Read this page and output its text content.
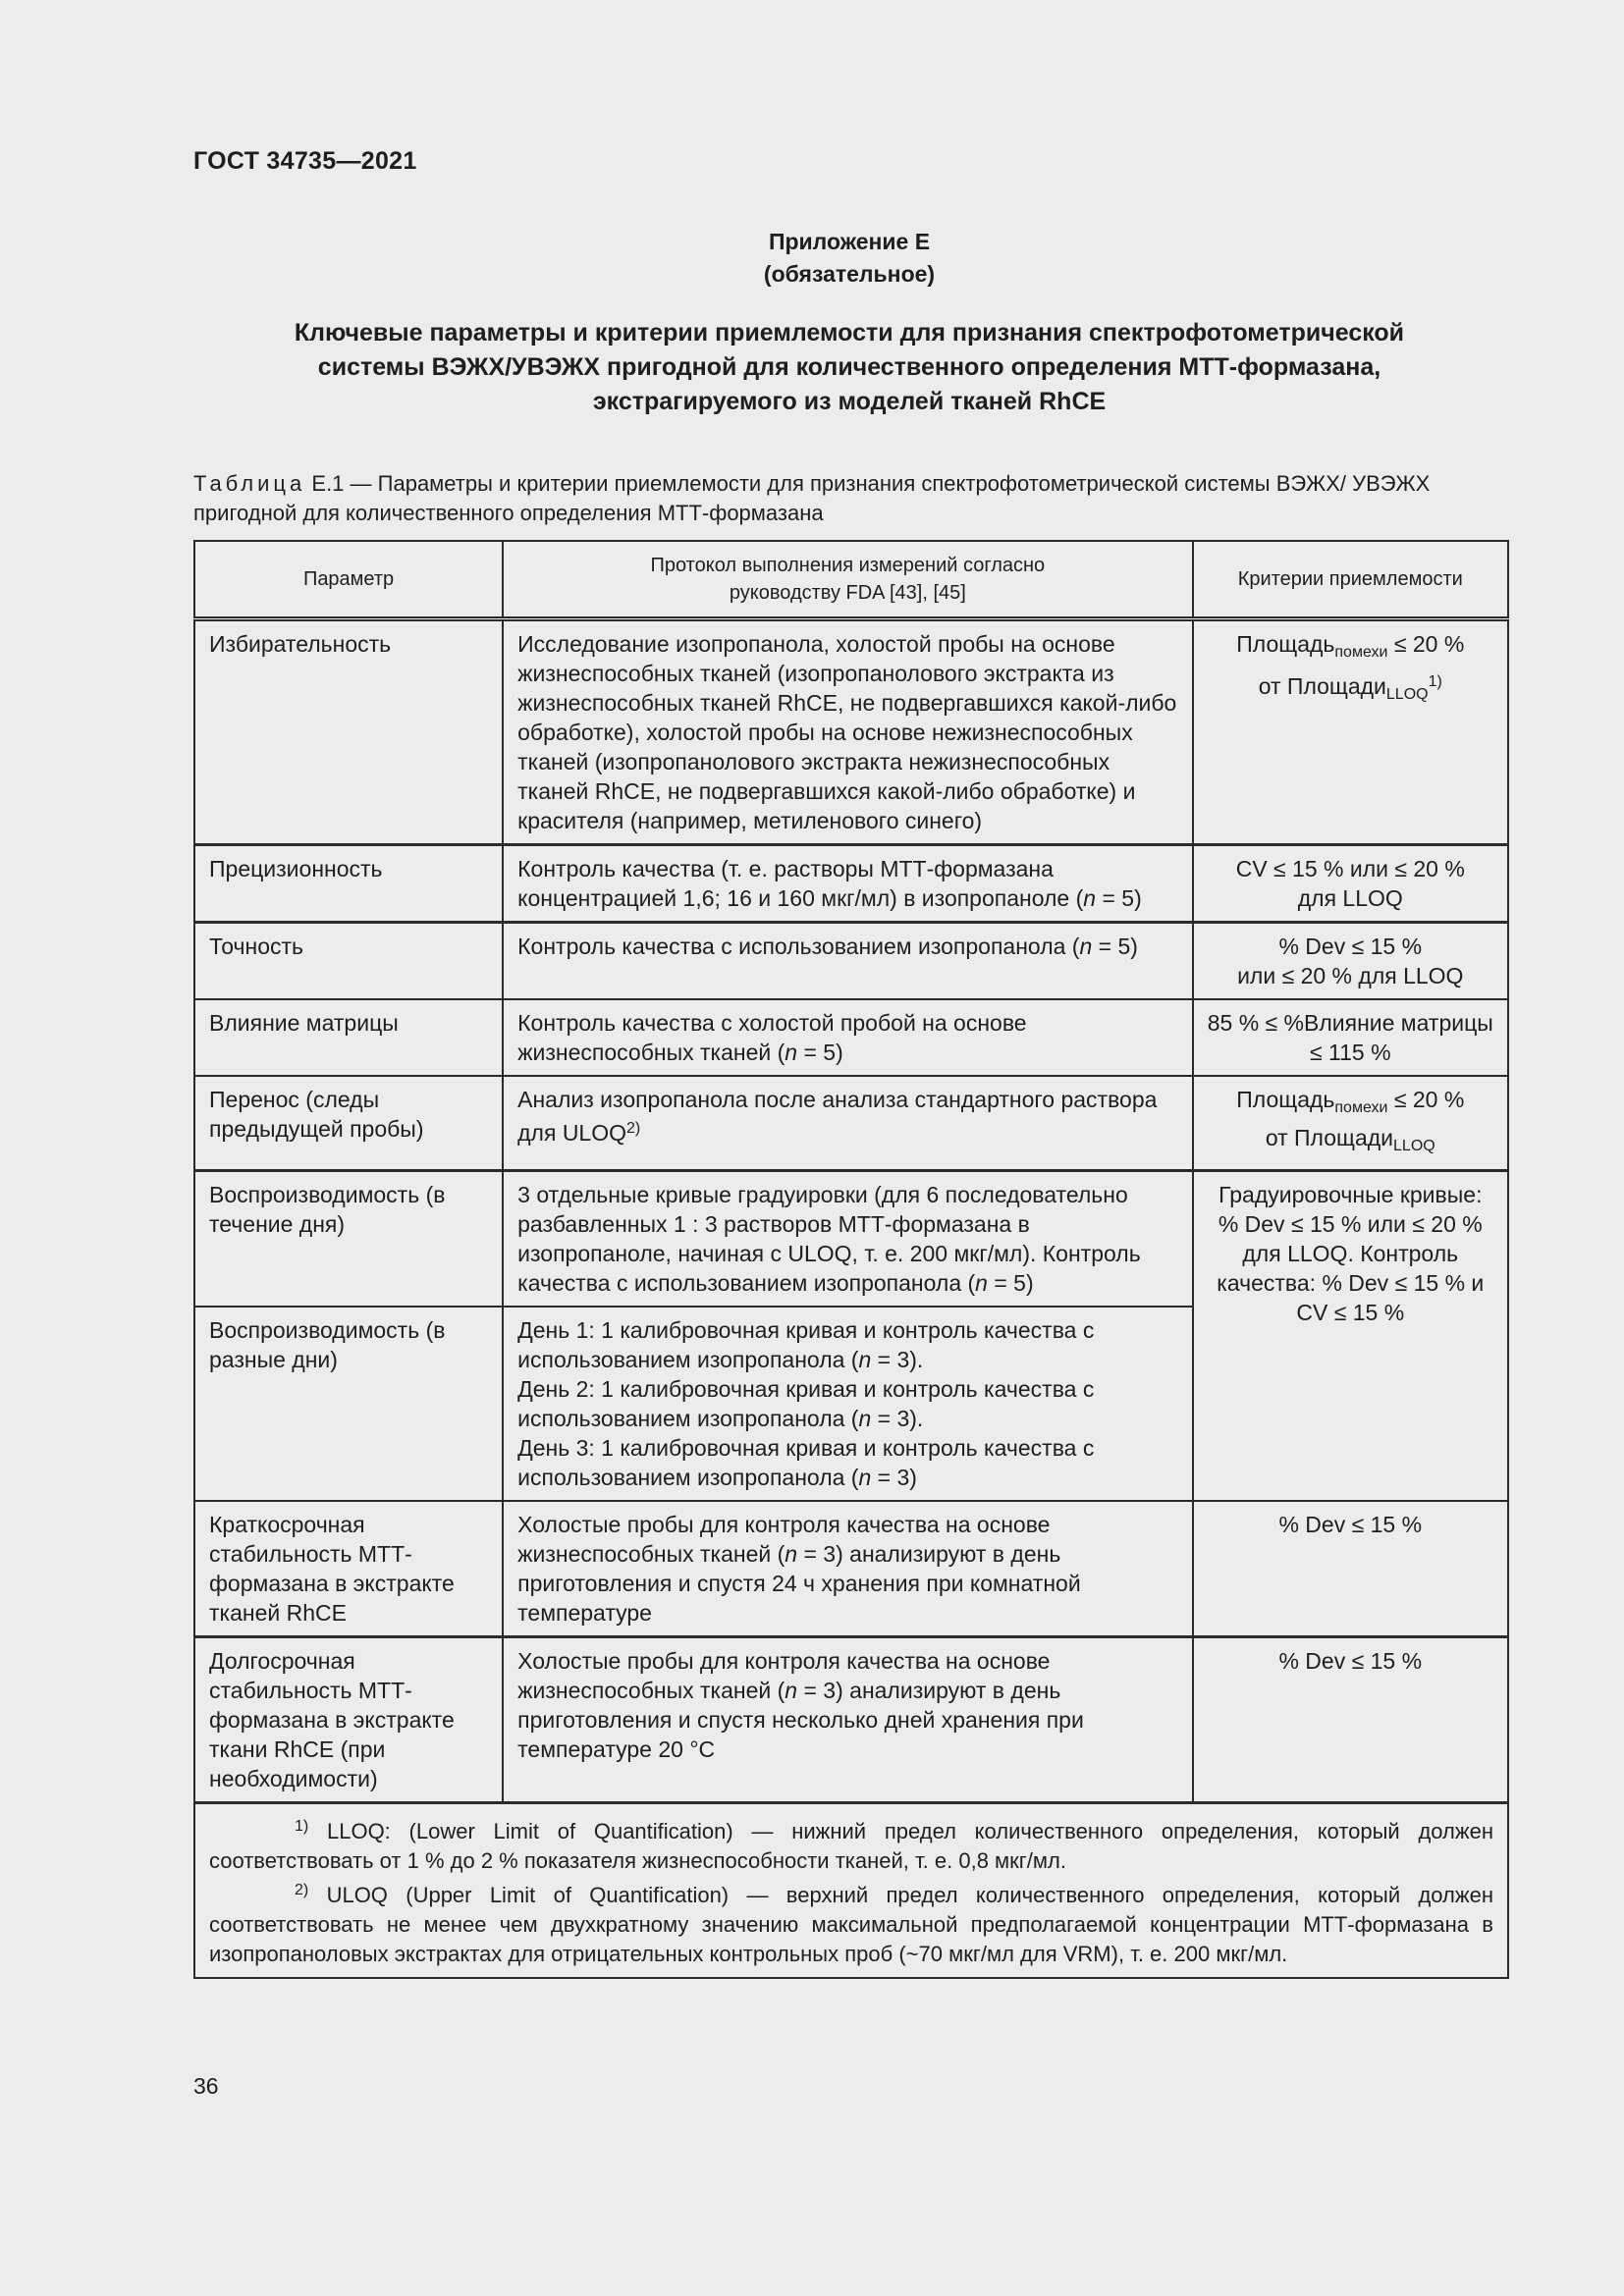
ГОСТ 34735—2021
Приложение Е
(обязательное)
Ключевые параметры и критерии приемлемости для признания спектрофотометрической
системы ВЭЖХ/УВЭЖХ пригодной для количественного определения МТТ-формазана,
экстрагируемого из моделей тканей RhCE
Таблица Е.1 — Параметры и критерии приемлемости для признания спектрофотометрической системы ВЭЖХ/ УВЭЖХ пригодной для количественного определения МТТ-формазана
Параметр	Протокол выполнения измерений согласно
руководству FDA [43], [45]	Критерии приемлемости
Избирательность	Исследование изопропанола, холостой пробы на основе жизнеспособных тканей (изопропанолового экстракта из жизнеспособных тканей RhCE, не подвергавшихся какой-либо обработке), холостой пробы на основе нежизнеспособных тканей (изопропанолового экстракта нежизнеспособных тканей RhCE, не подвергавшихся какой-либо обработке) и красителя (например, метиленового синего)	Площадь$_{помехи}$ ≤ 20 %
от Площади$_{LLOQ}^{1)}$
Прецизионность	Контроль качества (т. е. растворы МТТ-формазана концентрацией 1,6; 16 и 160 мкг/мл) в изопропаноле (n = 5)	CV ≤ 15 % или ≤ 20 %
для LLOQ
Точность	Контроль качества с использованием изопропанола (n = 5)	% Dev ≤ 15 %
или ≤ 20 % для LLOQ
Влияние матрицы	Контроль качества с холостой пробой на основе жизнеспособных тканей (n = 5)	85 % ≤ %Влияние матрицы ≤ 115 %
Перенос (следы предыдущей пробы)	Анализ изопропанола после анализа стандартного раствора для ULOQ$^{2)}$	Площадь$_{помехи}$ ≤ 20 %
от Площади$_{LLOQ}$
Воспроизводимость (в течение дня)	3 отдельные кривые градуировки (для 6 последовательно разбавленных 1 : 3 растворов МТТ-формазана в изопропаноле, начиная с ULOQ, т. е. 200 мкг/мл). Контроль качества с использованием изопропанола (n = 5)	Градуировочные кривые: % Dev ≤ 15 % или ≤ 20 % для LLOQ. Контроль качества: % Dev ≤ 15 % и CV ≤ 15 %
Воспроизводимость (в разные дни)	День 1: 1 калибровочная кривая и контроль качества с использованием изопропанола (n = 3).
День 2: 1 калибровочная кривая и контроль качества с использованием изопропанола (n = 3).
День 3: 1 калибровочная кривая и контроль качества с использованием изопропанола (n = 3)	
Краткосрочная стабильность МТТ-формазана в экстракте тканей RhCE	Холостые пробы для контроля качества на основе жизнеспособных тканей (n = 3) анализируют в день приготовления и спустя 24 ч хранения при комнатной температуре	% Dev ≤ 15 %
Долгосрочная стабильность МТТ-формазана в экстракте ткани RhCE (при необходимости)	Холостые пробы для контроля качества на основе жизнеспособных тканей (n = 3) анализируют в день приготовления и спустя несколько дней хранения при температуре 20 °C	% Dev ≤ 15 %

$^{1)}$ LLOQ: (Lower Limit of Quantification) — нижний предел количественного определения, который должен соответствовать от 1 % до 2 % показателя жизнеспособности тканей, т. е. 0,8 мкг/мл.

$^{2)}$ ULOQ (Upper Limit of Quantification) — верхний предел количественного определения, который должен соответствовать не менее чем двухкратному значению максимальной предполагаемой концентрации МТТ-формазана в изопропаноловых экстрактах для отрицательных контрольных проб (~70 мкг/мл для VRM), т. е. 200 мкг/мл.		

36
